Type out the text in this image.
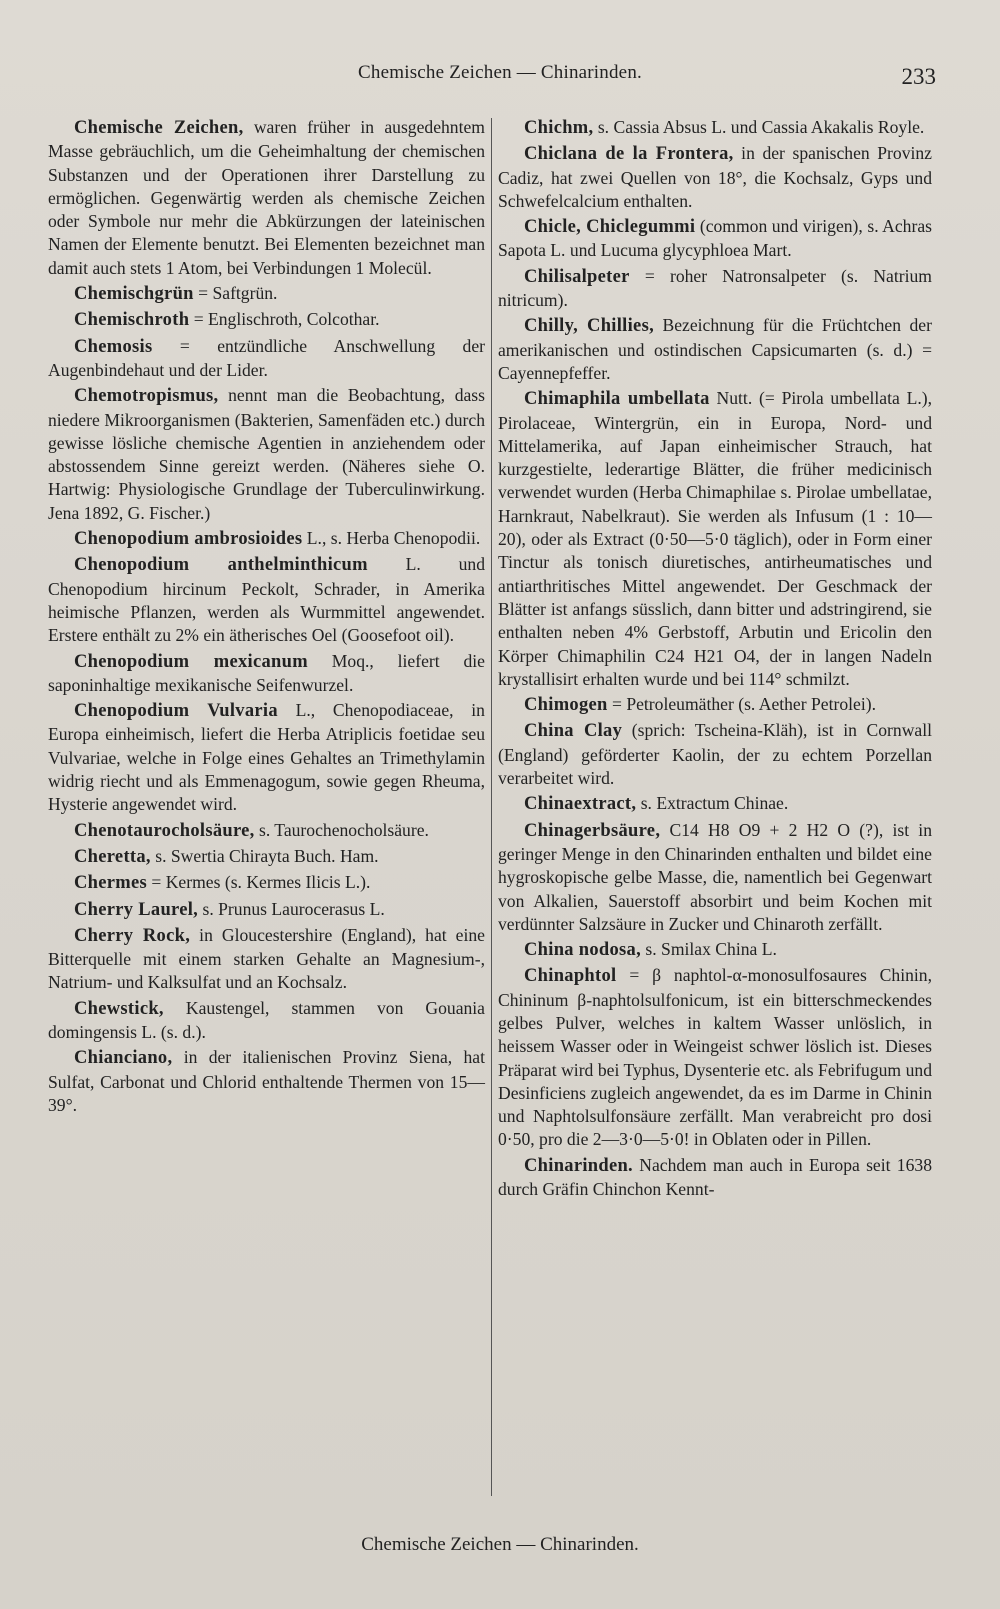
Chemische Zeichen — Chinarinden.	233

Chemische Zeichen, waren früher in ausgedehntem Masse gebräuchlich, um die Geheimhaltung der chemischen Substanzen und der Operationen ihrer Darstellung zu ermöglichen. Gegenwärtig werden als chemische Zeichen oder Symbole nur mehr die Abkürzungen der lateinischen Namen der Elemente benutzt. Bei Elementen bezeichnet man damit auch stets 1 Atom, bei Verbindungen 1 Molecül.

Chemischgrün = Saftgrün.

Chemischroth = Englischroth, Colcothar.

Chemosis = entzündliche Anschwellung der Augenbindehaut und der Lider.

Chemotropismus, nennt man die Beobachtung, dass niedere Mikroorganismen (Bakterien, Samenfäden etc.) durch gewisse lösliche chemische Agentien in anziehendem oder abstossendem Sinne gereizt werden. (Näheres siehe O. Hartwig: Physiologische Grundlage der Tuberculinwirkung. Jena 1892, G. Fischer.)

Chenopodium ambrosioides L., s. Herba Chenopodii.

Chenopodium anthelminthicum L. und Chenopodium hircinum Peckolt, Schrader, in Amerika heimische Pflanzen, werden als Wurmmittel angewendet. Erstere enthält zu 2% ein ätherisches Oel (Goosefoot oil).

Chenopodium mexicanum Moq., liefert die saponinhaltige mexikanische Seifenwurzel.

Chenopodium Vulvaria L., Chenopodiaceae, in Europa einheimisch, liefert die Herba Atriplicis foetidae seu Vulvariae, welche in Folge eines Gehaltes an Trimethylamin widrig riecht und als Emmenagogum, sowie gegen Rheuma, Hysterie angewendet wird.

Chenotaurocholsäure, s. Taurochenocholsäure.

Cheretta, s. Swertia Chirayta Buch. Ham.

Chermes = Kermes (s. Kermes Ilicis L.).

Cherry Laurel, s. Prunus Laurocerasus L.

Cherry Rock, in Gloucestershire (England), hat eine Bitterquelle mit einem starken Gehalte an Magnesium-, Natrium- und Kalksulfat und an Kochsalz.

Chewstick, Kaustengel, stammen von Gouania domingensis L. (s. d.).

Chianciano, in der italienischen Provinz Siena, hat Sulfat, Carbonat und Chlorid enthaltende Thermen von 15—39°.

Chichm, s. Cassia Absus L. und Cassia Akakalis Royle.

Chiclana de la Frontera, in der spanischen Provinz Cadiz, hat zwei Quellen von 18°, die Kochsalz, Gyps und Schwefelcalcium enthalten.

Chicle, Chiclegummi (common und virigen), s. Achras Sapota L. und Lucuma glycyphloea Mart.

Chilisalpeter = roher Natronsalpeter (s. Natrium nitricum).

Chilly, Chillies, Bezeichnung für die Früchtchen der amerikanischen und ostindischen Capsicumarten (s. d.) = Cayennepfeffer.

Chimaphila umbellata Nutt. (= Pirola umbellata L.), Pirolaceae, Wintergrün, ein in Europa, Nord- und Mittelamerika, auf Japan einheimischer Strauch, hat kurzgestielte, lederartige Blätter, die früher medicinisch verwendet wurden (Herba Chimaphilae s. Pirolae umbellatae, Harnkraut, Nabelkraut). Sie werden als Infusum (1 : 10—20), oder als Extract (0·50—5·0 täglich), oder in Form einer Tinctur als tonisch diuretisches, antirheumatisches und antiarthritisches Mittel angewendet. Der Geschmack der Blätter ist anfangs süsslich, dann bitter und adstringirend, sie enthalten neben 4% Gerbstoff, Arbutin und Ericolin den Körper Chimaphilin C24 H21 O4, der in langen Nadeln krystallisirt erhalten wurde und bei 114° schmilzt.

Chimogen = Petroleumäther (s. Aether Petrolei).

China Clay (sprich: Tscheina-Kläh), ist in Cornwall (England) geförderter Kaolin, der zu echtem Porzellan verarbeitet wird.

Chinaextract, s. Extractum Chinae.

Chinagerbsäure, C14 H8 O9 + 2 H2 O (?), ist in geringer Menge in den Chinarinden enthalten und bildet eine hygroskopische gelbe Masse, die, namentlich bei Gegenwart von Alkalien, Sauerstoff absorbirt und beim Kochen mit verdünnter Salzsäure in Zucker und Chinaroth zerfällt.

China nodosa, s. Smilax China L.

Chinaphtol = β naphtol-α-monosulfosaures Chinin, Chininum β-naphtolsulfonicum, ist ein bitterschmeckendes gelbes Pulver, welches in kaltem Wasser unlöslich, in heissem Wasser oder in Weingeist schwer löslich ist. Dieses Präparat wird bei Typhus, Dysenterie etc. als Febrifugum und Desinficiens zugleich angewendet, da es im Darme in Chinin und Naphtolsulfonsäure zerfällt. Man verabreicht pro dosi 0·50, pro die 2—3·0—5·0! in Oblaten oder in Pillen.

Chinarinden. Nachdem man auch in Europa seit 1638 durch Gräfin Chinchon Kennt-

Chemische Zeichen — Chinarinden.
